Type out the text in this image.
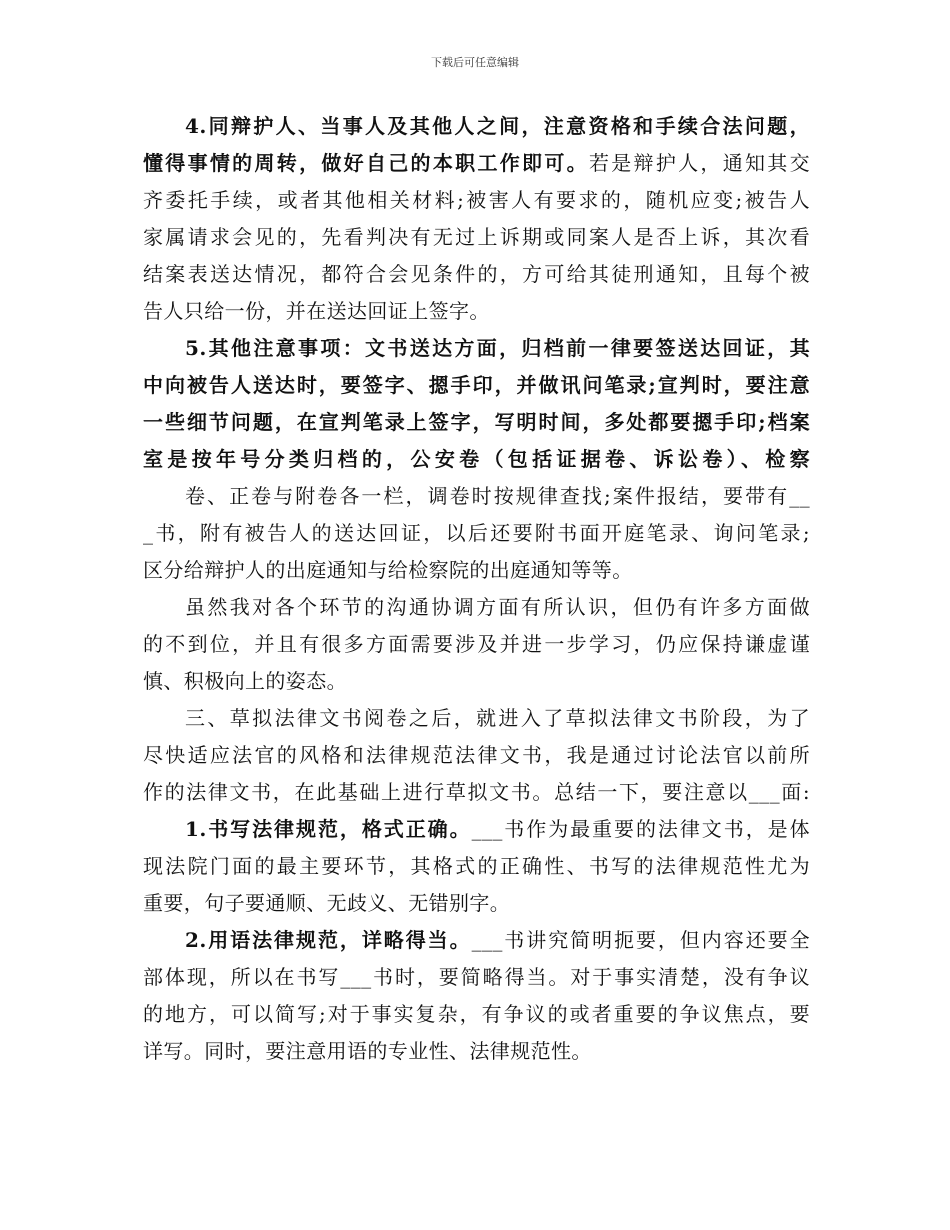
下载后可任意编辑
4.同辩护人、当事人及其他人之间，注意资格和手续合法问题，
懂得事情的周转，做好自己的本职工作即可。若是辩护人，通知其交
齐委托手续，或者其他相关材料;被害人有要求的，随机应变;被告人
家属请求会见的，先看判决有无过上诉期或同案人是否上诉，其次看
结案表送达情况，都符合会见条件的，方可给其徒刑通知，且每个被
告人只给一份，并在送达回证上签字。
5.其他注意事项：文书送达方面，归档前一律要签送达回证，其
中向被告人送达时，要签字、摁手印，并做讯问笔录;宣判时，要注意
一些细节问题，在宣判笔录上签字，写明时间，多处都要摁手印;档案
室是按年号分类归档的，公安卷（包括证据卷、诉讼卷）、检察
卷、正卷与附卷各一栏，调卷时按规律查找;案件报结，要带有__
_书，附有被告人的送达回证，以后还要附书面开庭笔录、询问笔录;
区分给辩护人的出庭通知与给检察院的出庭通知等等。
虽然我对各个环节的沟通协调方面有所认识，但仍有许多方面做
的不到位，并且有很多方面需要涉及并进一步学习，仍应保持谦虚谨
慎、积极向上的姿态。
三、草拟法律文书阅卷之后，就进入了草拟法律文书阶段，为了
尽快适应法官的风格和法律规范法律文书，我是通过讨论法官以前所
作的法律文书，在此基础上进行草拟文书。总结一下，要注意以___面:
1.书写法律规范，格式正确。___书作为最重要的法律文书，是体
现法院门面的最主要环节，其格式的正确性、书写的法律规范性尤为
重要，句子要通顺、无歧义、无错别字。
2.用语法律规范，详略得当。___书讲究简明扼要，但内容还要全
部体现，所以在书写___书时，要简略得当。对于事实清楚，没有争议
的地方，可以简写;对于事实复杂，有争议的或者重要的争议焦点，要
详写。同时，要注意用语的专业性、法律规范性。
